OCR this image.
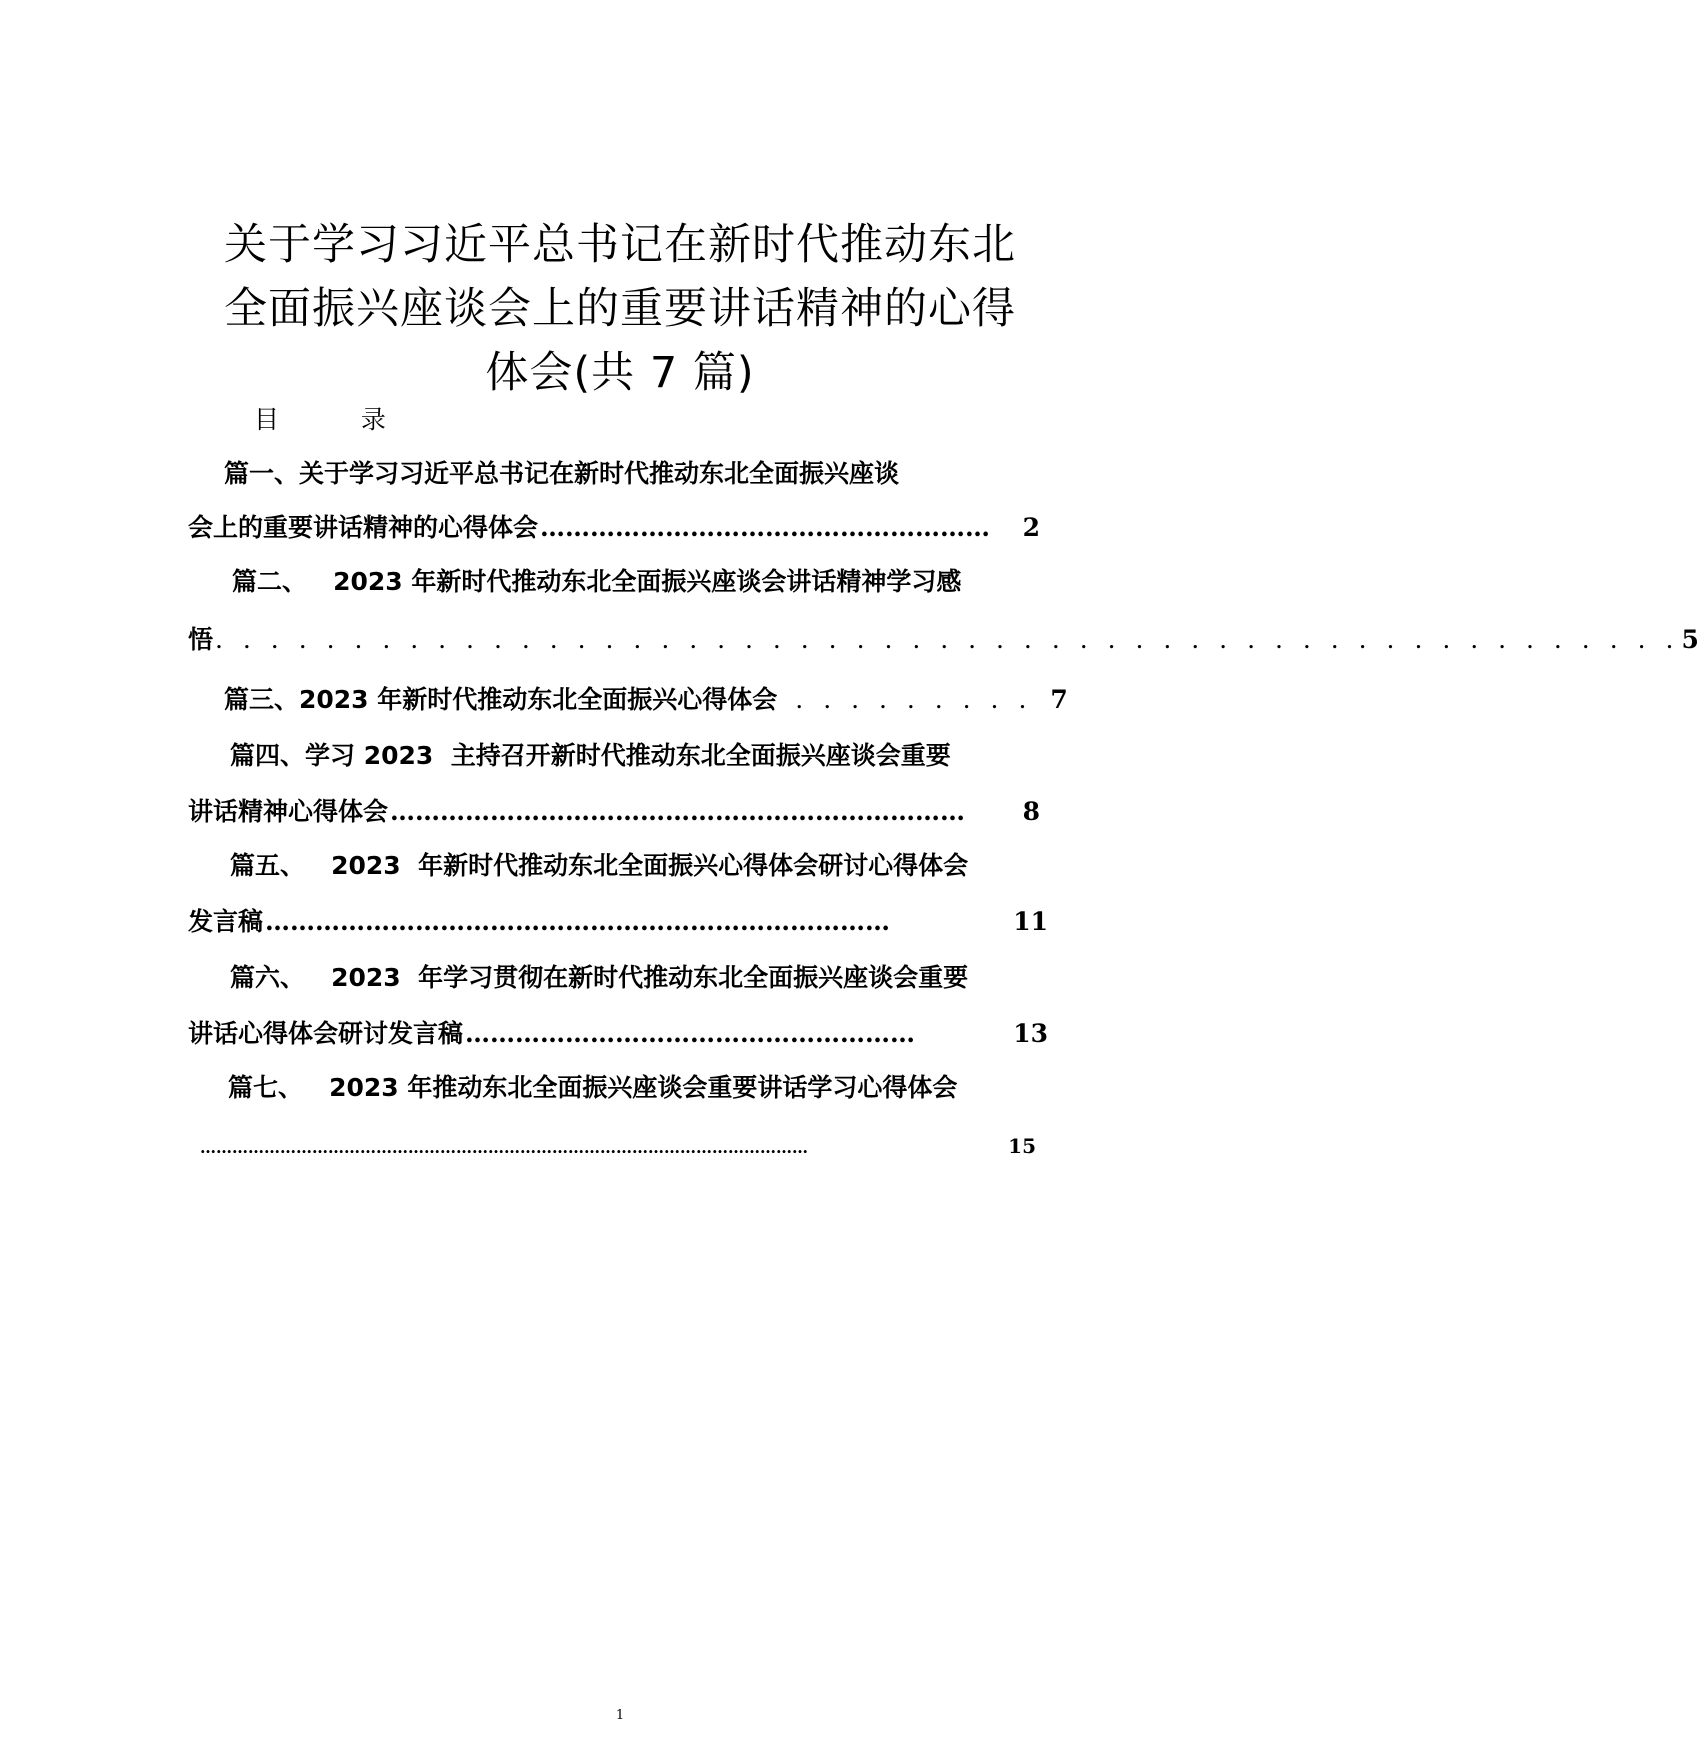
关于学习习近平总书记在新时代推动东北
全面振兴座谈会上的重要讲话精神的心得
体会(共 7 篇)
目   录
篇一、关于学习习近平总书记在新时代推动东北全面振兴座谈
会上的重要讲话精神的心得体会 ………………………………………………	2
篇二、   2023 年新时代推动东北全面振兴座谈会讲话精神学习感
悟 . . . . . . . . . . . . . . . . . . . . . . . . . . . . . . . . . . . . . . . . . . . . . . . . . . . . . 5
篇三、2023 年新时代推动东北全面振兴心得体会 . . . . . . . . . 7
篇四、学习 2023  主持召开新时代推动东北全面振兴座谈会重要
讲话精神心得体会 ……………………………………………………………	8
篇五、   2023  年新时代推动东北全面振兴心得体会研讨心得体会
发言稿 …………………………………………………………………	11
篇六、   2023  年学习贯彻在新时代推动东北全面振兴座谈会重要
讲话心得体会研讨发言稿 ………………………………………………	13
篇七、   2023 年推动东北全面振兴座谈会重要讲话学习心得体会
……………………………………………………………………………………………………	15
1
